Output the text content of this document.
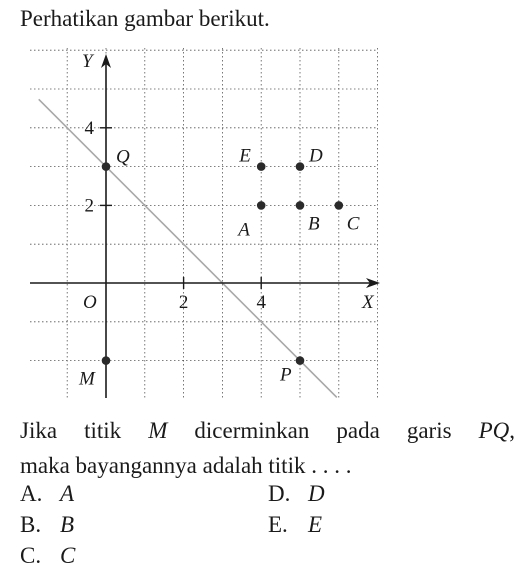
Perhatikan gambar berikut.
2	4
2
4
O	X
Y
Q	E	D
A	B C
M	P
Jika titik M dicerminkan pada garis PQ,
maka bayangannya adalah titik . . . .
A. A
B. B
C. C
D. D
E. E
